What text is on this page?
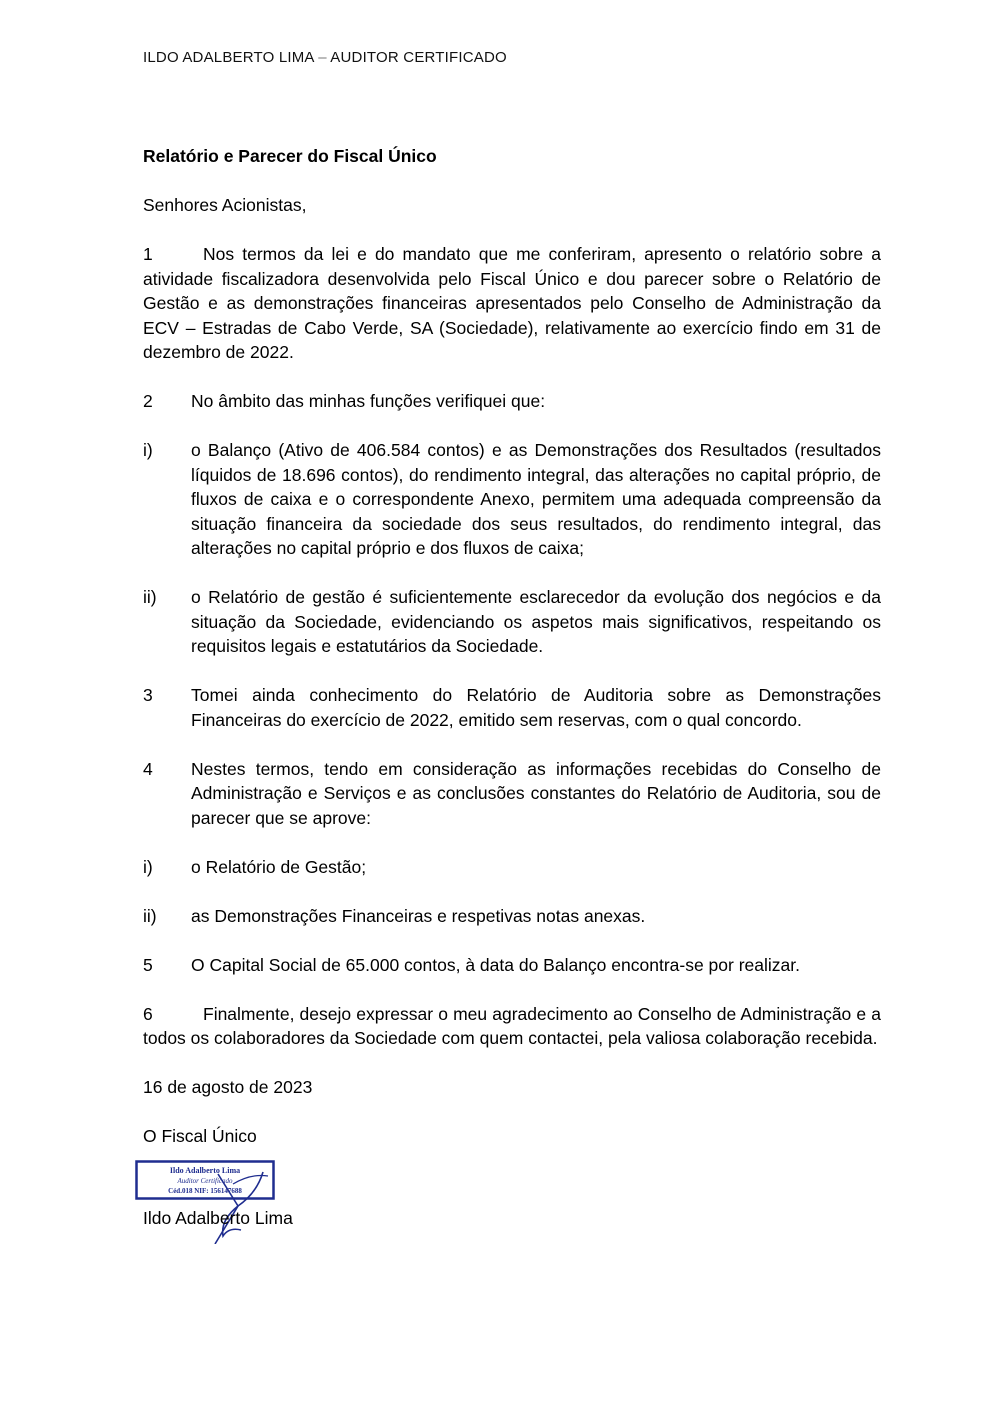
ILDO ADALBERTO LIMA – AUDITOR CERTIFICADO
Relatório e Parecer do Fiscal Único
Senhores Acionistas,
1	Nos termos da lei e do mandato que me conferiram, apresento o relatório sobre a atividade fiscalizadora desenvolvida pelo Fiscal Único e dou parecer sobre o Relatório de Gestão e as demonstrações financeiras apresentados pelo Conselho de Administração da ECV – Estradas de Cabo Verde, SA (Sociedade), relativamente ao exercício findo em 31 de dezembro de 2022.
2	No âmbito das minhas funções verifiquei que:
i)	o Balanço (Ativo de 406.584 contos) e as Demonstrações dos Resultados (resultados líquidos de 18.696 contos), do rendimento integral, das alterações no capital próprio, de fluxos de caixa e o correspondente Anexo, permitem uma adequada compreensão da situação financeira da sociedade dos seus resultados, do rendimento integral, das alterações no capital próprio e dos fluxos de caixa;
ii)	o Relatório de gestão é suficientemente esclarecedor da evolução dos negócios e da situação da Sociedade, evidenciando os aspetos mais significativos, respeitando os requisitos legais e estatutários da Sociedade.
3	Tomei ainda conhecimento do Relatório de Auditoria sobre as Demonstrações Financeiras do exercício de 2022, emitido sem reservas, com o qual concordo.
4	Nestes termos, tendo em consideração as informações recebidas do Conselho de Administração e Serviços e as conclusões constantes do Relatório de Auditoria, sou de parecer que se aprove:
i)	o Relatório de Gestão;
ii)	as Demonstrações Financeiras e respetivas notas anexas.
5	O Capital Social de 65.000 contos, à data do Balanço encontra-se por realizar.
6	Finalmente, desejo expressar o meu agradecimento ao Conselho de Administração e a todos os colaboradores da Sociedade com quem contactei, pela valiosa colaboração recebida.
16 de agosto de 2023
O Fiscal Único
Ildo Adalberto Lima
Auditor Certificado
Céd.018 NIF: 156147688
Ildo Adalberto Lima
